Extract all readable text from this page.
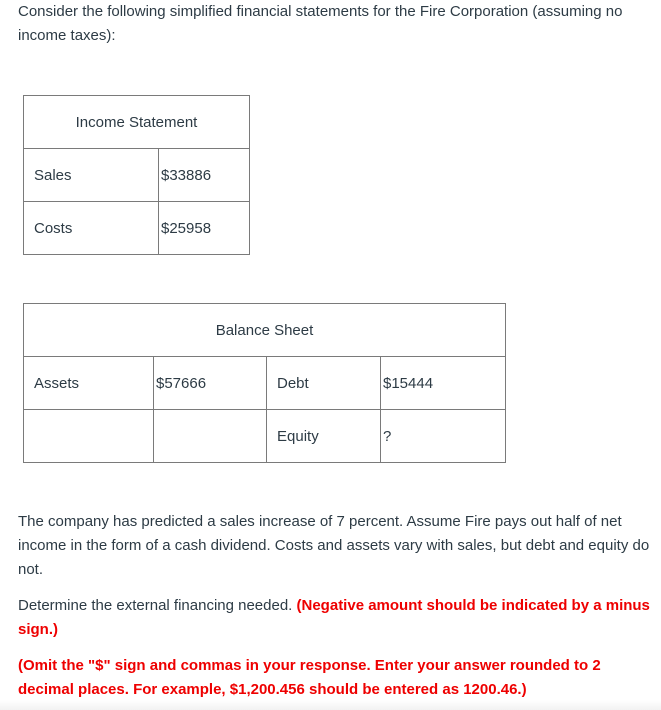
Consider the following simplified financial statements for the Fire Corporation (assuming no income taxes):

Income Statement	
Sales	$33886
Costs	$25958
Balance Sheet			
Assets	$57666	Debt	$15444
		Equity	?

The company has predicted a sales increase of 7 percent. Assume Fire pays out half of net income in the form of a cash dividend. Costs and assets vary with sales, but debt and equity do not.

Determine the external financing needed. (Negative amount should be indicated by a minus sign.)

(Omit the "$" sign and commas in your response. Enter your answer rounded to 2 decimal places. For example, $1,200.456 should be entered as 1200.46.)
